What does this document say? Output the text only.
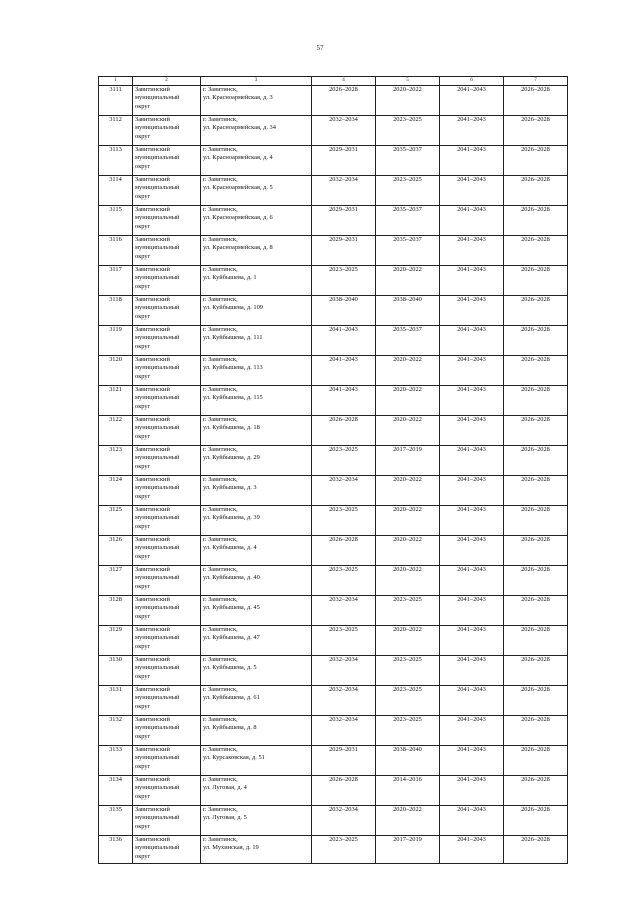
57
1	2	3	4	5	6	7
3111	Завитинский
муниципальный
округ	г. Завитинск,
ул. Красноармейская, д. 3	2026–2028	2020–2022	2041–2043	2026–2028
3112	Завитинский
муниципальный
округ	г. Завитинск,
ул. Красноармейская, д. 34	2032–2034	2023–2025	2041–2043	2026–2028
3113	Завитинский
муниципальный
округ	г. Завитинск,
ул. Красноармейская, д. 4	2029–2031	2035–2037	2041–2043	2026–2028
3114	Завитинский
муниципальный
округ	г. Завитинск,
ул. Красноармейская, д. 5	2032–2034	2023–2025	2041–2043	2026–2028
3115	Завитинский
муниципальный
округ	г. Завитинск,
ул. Красноармейская, д. 6	2029–2031	2035–2037	2041–2043	2026–2028
3116	Завитинский
муниципальный
округ	г. Завитинск,
ул. Красноармейская, д. 8	2029–2031	2035–2037	2041–2043	2026–2028
3117	Завитинский
муниципальный
округ	г. Завитинск,
ул. Куйбышева, д. 1	2023–2025	2020–2022	2041–2043	2026–2028
3118	Завитинский
муниципальный
округ	г. Завитинск,
ул. Куйбышева, д. 109	2038–2040	2038–2040	2041–2043	2026–2028
3119	Завитинский
муниципальный
округ	г. Завитинск,
ул. Куйбышева, д. 111	2041–2043	2035–2037	2041–2043	2026–2028
3120	Завитинский
муниципальный
округ	г. Завитинск,
ул. Куйбышева, д. 113	2041–2043	2020–2022	2041–2043	2026–2028
3121	Завитинский
муниципальный
округ	г. Завитинск,
ул. Куйбышева, д. 115	2041–2043	2020–2022	2041–2043	2026–2028
3122	Завитинский
муниципальный
округ	г. Завитинск,
ул. Куйбышева, д. 18	2026–2028	2020–2022	2041–2043	2026–2028
3123	Завитинский
муниципальный
округ	г. Завитинск,
ул. Куйбышева, д. 29	2023–2025	2017–2019	2041–2043	2026–2028
3124	Завитинский
муниципальный
округ	г. Завитинск,
ул. Куйбышева, д. 3	2032–2034	2020–2022	2041–2043	2026–2028
3125	Завитинский
муниципальный
округ	г. Завитинск,
ул. Куйбышева, д. 39	2023–2025	2020–2022	2041–2043	2026–2028
3126	Завитинский
муниципальный
округ	г. Завитинск,
ул. Куйбышева, д. 4	2026–2028	2020–2022	2041–2043	2026–2028
3127	Завитинский
муниципальный
округ	г. Завитинск,
ул. Куйбышева, д. 40	2023–2025	2020–2022	2041–2043	2026–2028
3128	Завитинский
муниципальный
округ	г. Завитинск,
ул. Куйбышева, д. 45	2032–2034	2023–2025	2041–2043	2026–2028
3129	Завитинский
муниципальный
округ	г. Завитинск,
ул. Куйбышева, д. 47	2023–2025	2020–2022	2041–2043	2026–2028
3130	Завитинский
муниципальный
округ	г. Завитинск,
ул. Куйбышева, д. 5	2032–2034	2023–2025	2041–2043	2026–2028
3131	Завитинский
муниципальный
округ	г. Завитинск,
ул. Куйбышева, д. 61	2032–2034	2023–2025	2041–2043	2026–2028
3132	Завитинский
муниципальный
округ	г. Завитинск,
ул. Куйбышева, д. 8	2032–2034	2023–2025	2041–2043	2026–2028
3133	Завитинский
муниципальный
округ	г. Завитинск,
ул. Курсаковская, д. 51	2029–2031	2038–2040	2041–2043	2026–2028
3134	Завитинский
муниципальный
округ	г. Завитинск,
ул. Луговая, д. 4	2026–2028	2014–2016	2041–2043	2026–2028
3135	Завитинский
муниципальный
округ	г. Завитинск,
ул. Луговая, д. 5	2032–2034	2020–2022	2041–2043	2026–2028
3136	Завитинский
муниципальный
округ	г. Завитинск,
ул. Мухинская, д. 19	2023–2025	2017–2019	2041–2043	2026–2028
